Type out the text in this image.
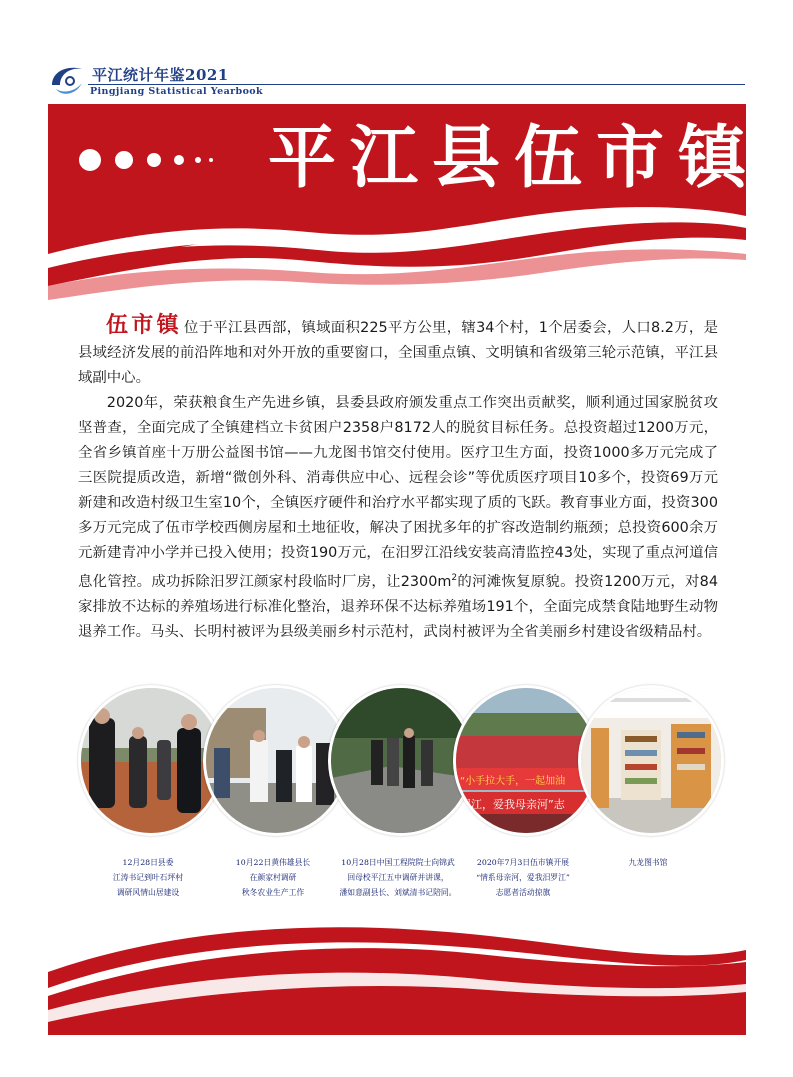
平江统计年鉴2021
Pingjiang Statistical Yearbook
平江县伍市镇

伍市镇 位于平江县西部，镇域面积225平方公里，辖34个村，1个居委会，人口8.2万，是县域经济发展的前沿阵地和对外开放的重要窗口，全国重点镇、文明镇和省级第三轮示范镇，平江县域副中心。

2020年，荣获粮食生产先进乡镇，县委县政府颁发重点工作突出贡献奖，顺利通过国家脱贫攻坚普查，全面完成了全镇建档立卡贫困户2358户8172人的脱贫目标任务。总投资超过1200万元，全省乡镇首座十万册公益图书馆——九龙图书馆交付使用。医疗卫生方面，投资1000多万元完成了三医院提质改造，新增“微创外科、消毒供应中心、远程会诊”等优质医疗项目10多个，投资69万元新建和改造村级卫生室10个，全镇医疗硬件和治疗水平都实现了质的飞跃。教育事业方面，投资300多万元完成了伍市学校西侧房屋和土地征收，解决了困扰多年的扩容改造制约瓶颈；总投资600余万元新建青冲小学并已投入使用；投资190万元，在汨罗江沿线安装高清监控43处，实现了重点河道信息化管控。成功拆除汨罗江颜家村段临时厂房，让$2300m^2$的河滩恢复原貌。投资1200万元，对84家排放不达标的养殖场进行标准化整治，退养环保不达标养殖场191个，全面完成禁食陆地野生动物退养工作。马头、长明村被评为县级美丽乡村示范村，武岗村被评为全省美丽乡村建设省级精品村。

“小手拉大手，一起加油
罗江，爱我母亲河”志
12月28日县委
江涛书记到叶石坪村
调研风情山居建设
10月22日黄伟雄县长
在颜家村调研
秋冬农业生产工作
10月28日中国工程院院士向锦武
回母校平江五中调研并讲课，
潘如意副县长、刘斌清书记陪同。
2020年7月3日伍市镇开展
“情系母亲河，爱我汨罗江”
志愿者活动掠旗
九龙图书馆
